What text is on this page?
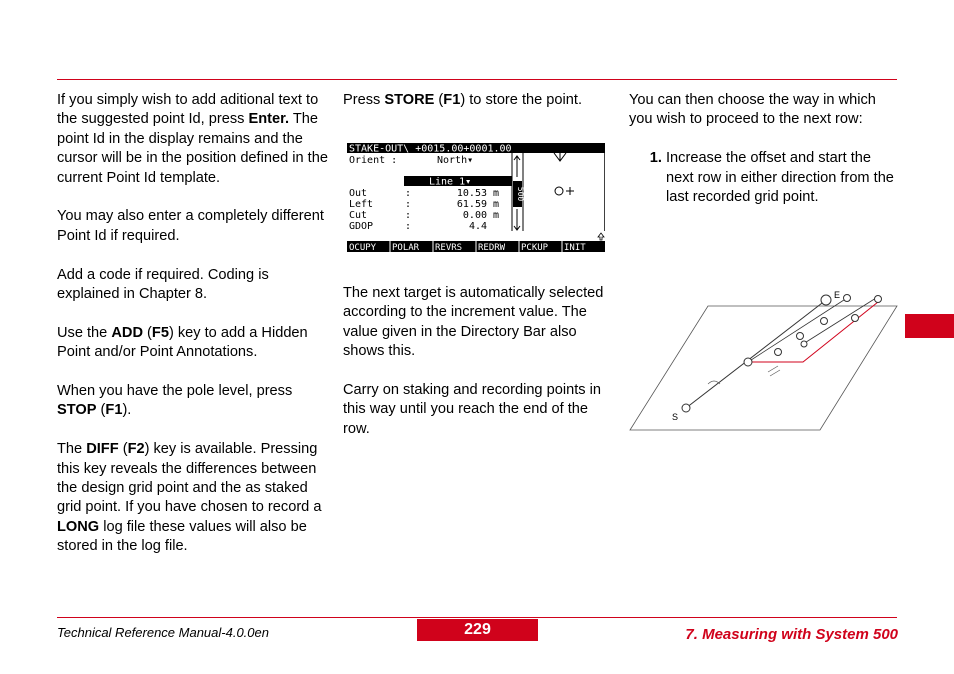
If you simply wish to add aditional text to the suggested point Id, press Enter. The point Id in the display remains and the cursor will be in the position defined in the current Point Id template.

You may also enter a completely different Point Id if required.

Add a code if required. Coding is explained in Chapter 8.

Use the ADD (F5) key to add a Hidden Point and/or Point Annotations.

When you have the pole level, press STOP (F1).

The DIFF (F2) key is available. Pressing this key reveals the differences between the design grid point and the as staked grid point. If you have chosen to record a LONG log file these values will also be stored in the log file.

Press STORE (F1) to store the point.

The next target is automatically selected according to the increment value. The value given in the Directory Bar also shows this.

Carry on staking and recording points in this way until you reach the end of the row.

STAKE-OUT\ +0015.00+0001.00
Orient :	North▾
Line 1▾
Out	:	10.53 m
Left	:	61.59 m
Cut	:	0.00 m
GDOP	:	4.4
500
OCUPY POLAR REVRS REDRW PCKUP INIT

You can then choose the way in which you wish to proceed to the next row:

1. Increase the offset and start the next row in either direction from the last recorded grid point.
E
S
Technical Reference Manual-4.0.0en	229	7. Measuring with System 500
